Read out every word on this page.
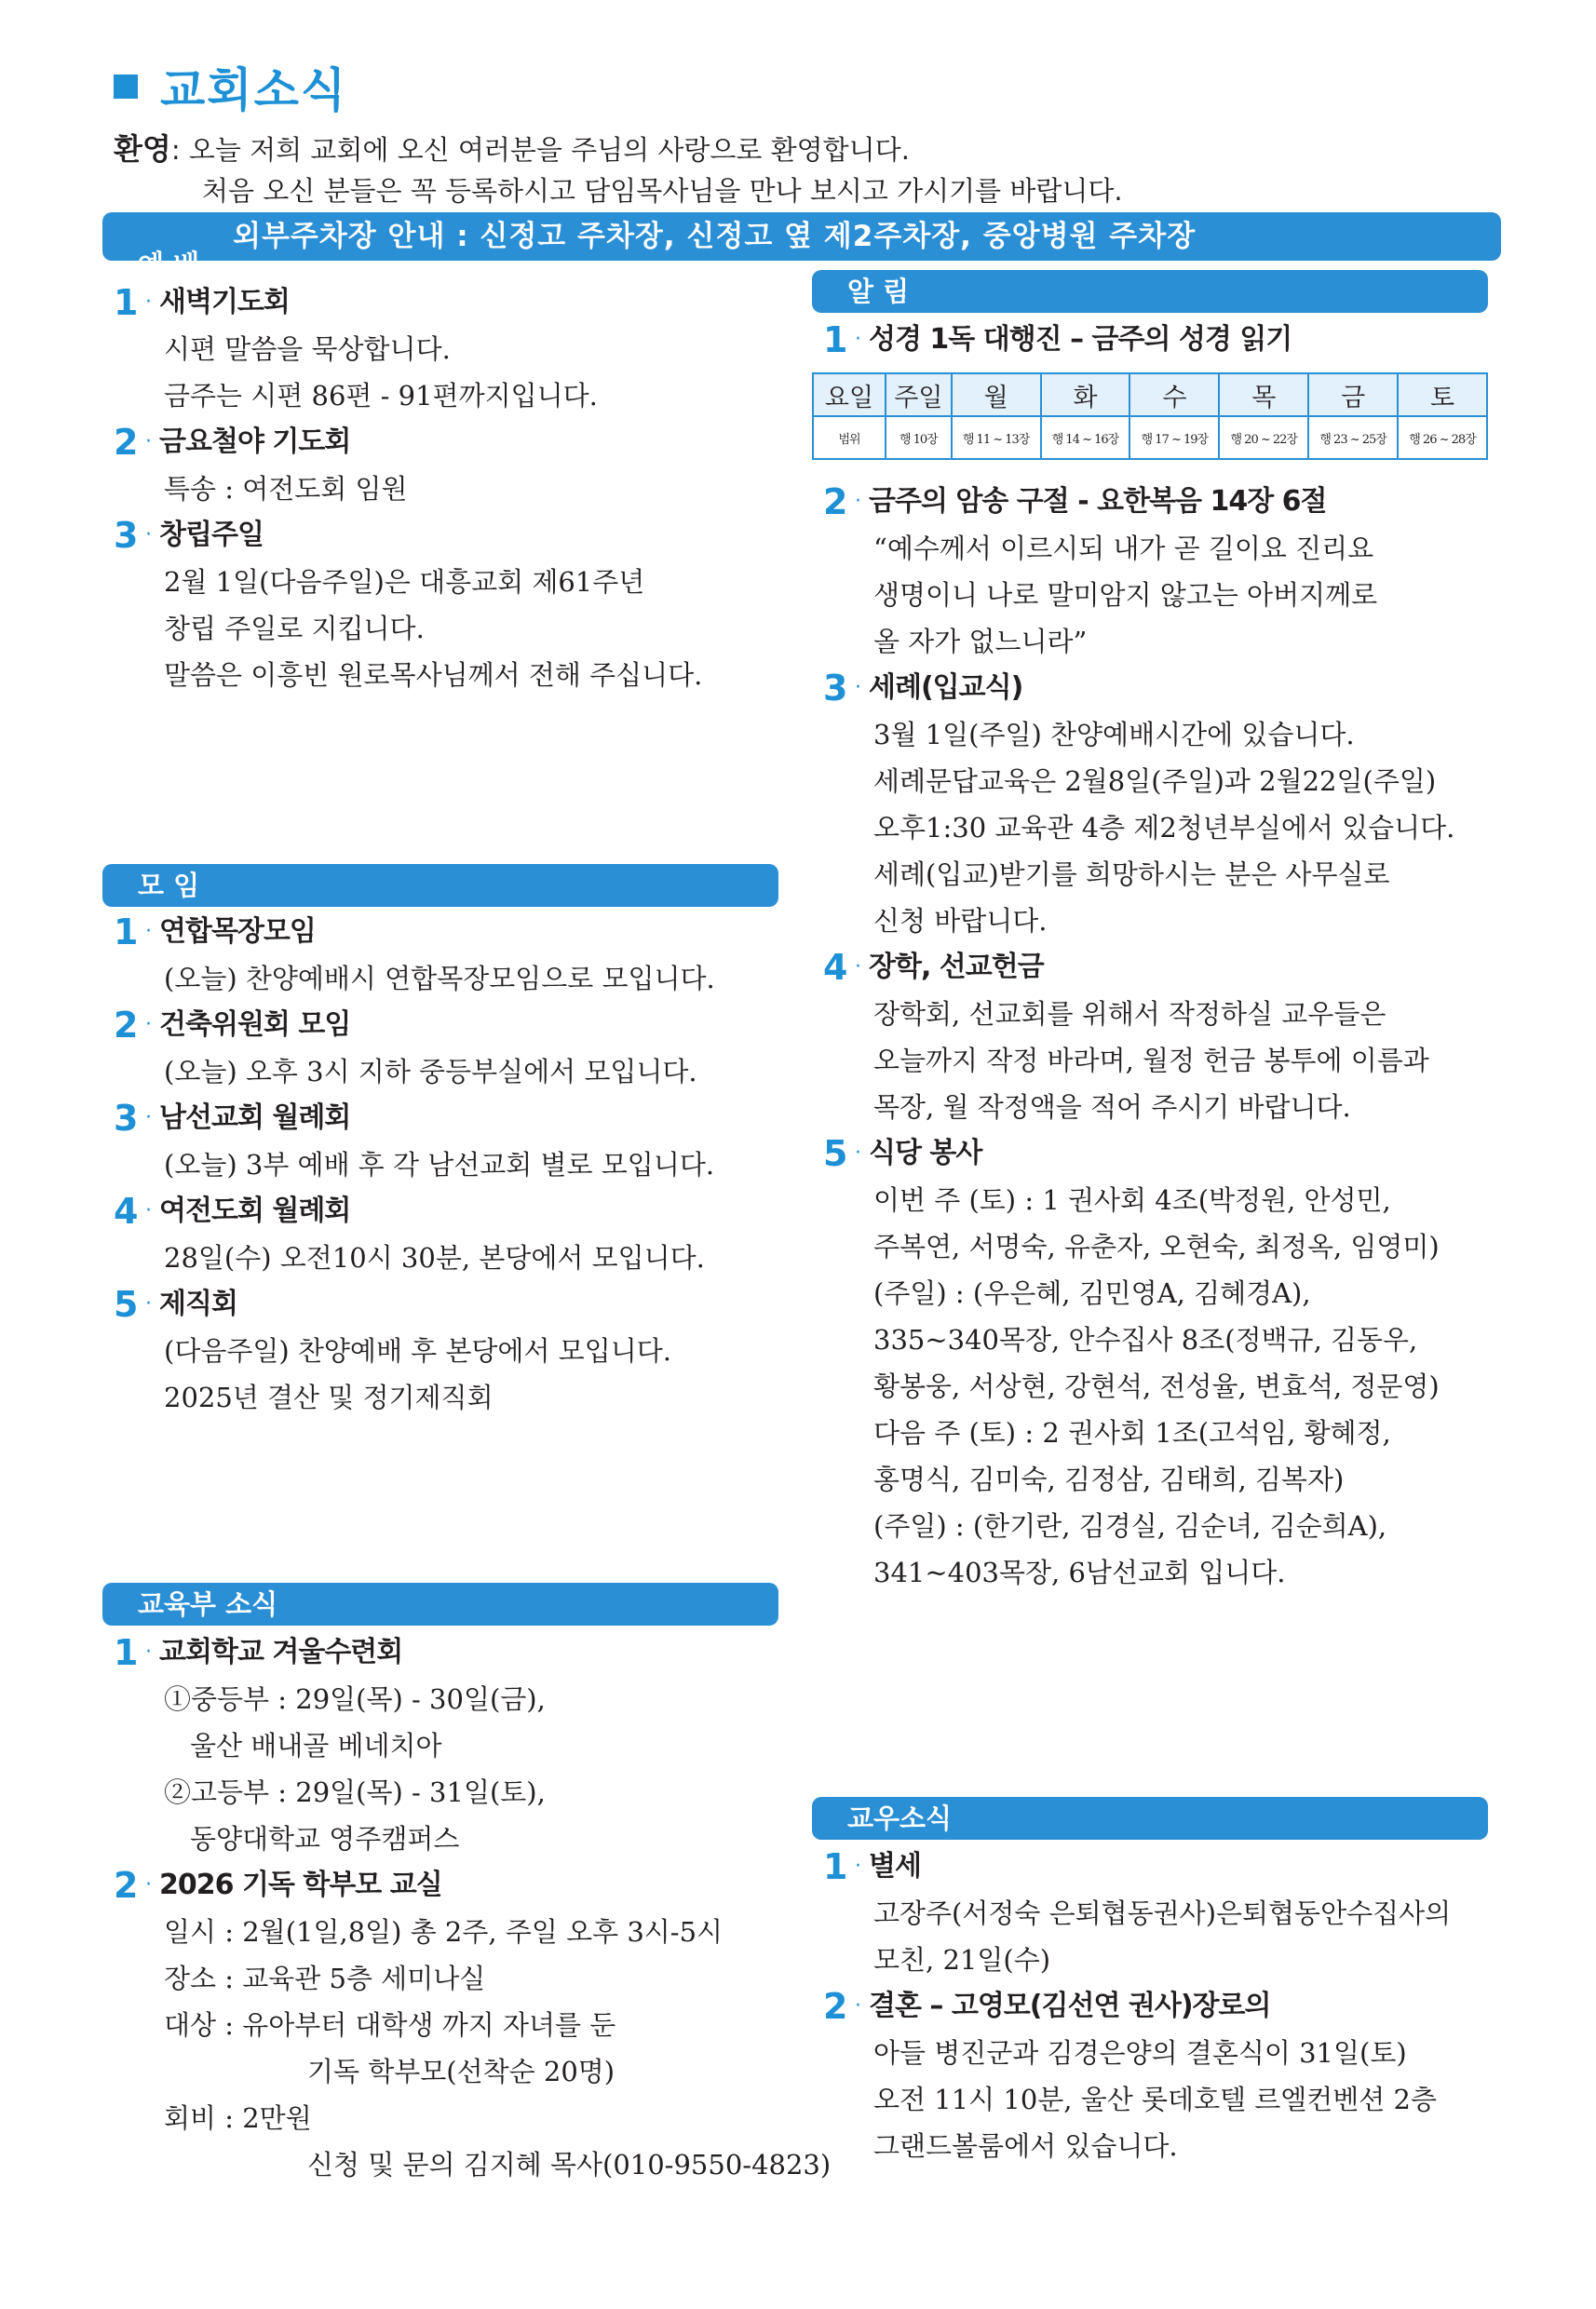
교회소식
환영: 오늘 저희 교회에 오신 여러분을 주님의 사랑으로 환영합니다.
처음 오신 분들은 꼭 등록하시고 담임목사님을 만나 보시고 가시기를 바랍니다.
외부주차장 안내 : 신정고 주차장, 신정고 옆 제2주차장, 중앙병원 주차장
예 배
1 · 새벽기도회
시편 말씀을 묵상합니다.
금주는 시편 86편 - 91편까지입니다.
2 · 금요철야 기도회
특송 : 여전도회 임원
3 · 창립주일
2월 1일(다음주일)은 대흥교회 제61주년
창립 주일로 지킵니다.
말씀은 이흥빈 원로목사님께서 전해 주십니다.
모 임
1 · 연합목장모임
(오늘) 찬양예배시 연합목장모임으로 모입니다.
2 · 건축위원회 모임
(오늘) 오후 3시 지하 중등부실에서 모입니다.
3 · 남선교회 월례회
(오늘) 3부 예배 후 각 남선교회 별로 모입니다.
4 · 여전도회 월례회
28일(수) 오전10시 30분, 본당에서 모입니다.
5 · 제직회
(다음주일) 찬양예배 후 본당에서 모입니다.
2025년 결산 및 정기제직회
교육부 소식
1 · 교회학교 겨울수련회
①중등부 : 29일(목) - 30일(금),
울산 배내골 베네치아
②고등부 : 29일(목) - 31일(토),
동양대학교 영주캠퍼스
2 · 2026 기독 학부모 교실
일시 : 2월(1일,8일) 총 2주, 주일 오후 3시-5시
장소 : 교육관 5층 세미나실
대상 : 유아부터 대학생 까지 자녀를 둔
기독 학부모(선착순 20명)
회비 : 2만원
신청 및 문의 김지혜 목사(010-9550-4823)
알 림
1 · 성경 1독 대행진 – 금주의 성경 읽기
요일	주일	월	화	수	목	금	토
범위	행 10장	행 11 ~ 13장	행 14 ~ 16장	행 17 ~ 19장	행 20 ~ 22장	행 23 ~ 25장	행 26 ~ 28장
2 · 금주의 암송 구절 - 요한복음 14장 6절
“예수께서 이르시되 내가 곧 길이요 진리요
생명이니 나로 말미암지 않고는 아버지께로
올 자가 없느니라”
3 · 세례(입교식)
3월 1일(주일) 찬양예배시간에 있습니다.
세례문답교육은 2월8일(주일)과 2월22일(주일)
오후1:30 교육관 4층 제2청년부실에서 있습니다.
세례(입교)받기를 희망하시는 분은 사무실로
신청 바랍니다.
4 · 장학, 선교헌금
장학회, 선교회를 위해서 작정하실 교우들은
오늘까지 작정 바라며, 월정 헌금 봉투에 이름과
목장, 월 작정액을 적어 주시기 바랍니다.
5 · 식당 봉사
이번 주 (토) : 1 권사회 4조(박정원, 안성민,
주복연, 서명숙, 유춘자, 오현숙, 최정옥, 임영미)
(주일) : (우은혜, 김민영A, 김혜경A),
335~340목장, 안수집사 8조(정백규, 김동우,
황봉웅, 서상현, 강현석, 전성율, 변효석, 정문영)
다음 주 (토) : 2 권사회 1조(고석임, 황혜정,
홍명식, 김미숙, 김정삼, 김태희, 김복자)
(주일) : (한기란, 김경실, 김순녀, 김순희A),
341~403목장, 6남선교회 입니다.
교우소식
1 · 별세
고장주(서정숙 은퇴협동권사)은퇴협동안수집사의
모친, 21일(수)
2 · 결혼 – 고영모(김선연 권사)장로의
아들 병진군과 김경은양의 결혼식이 31일(토)
오전 11시 10분, 울산 롯데호텔 르엘컨벤션 2층
그랜드볼룸에서 있습니다.
